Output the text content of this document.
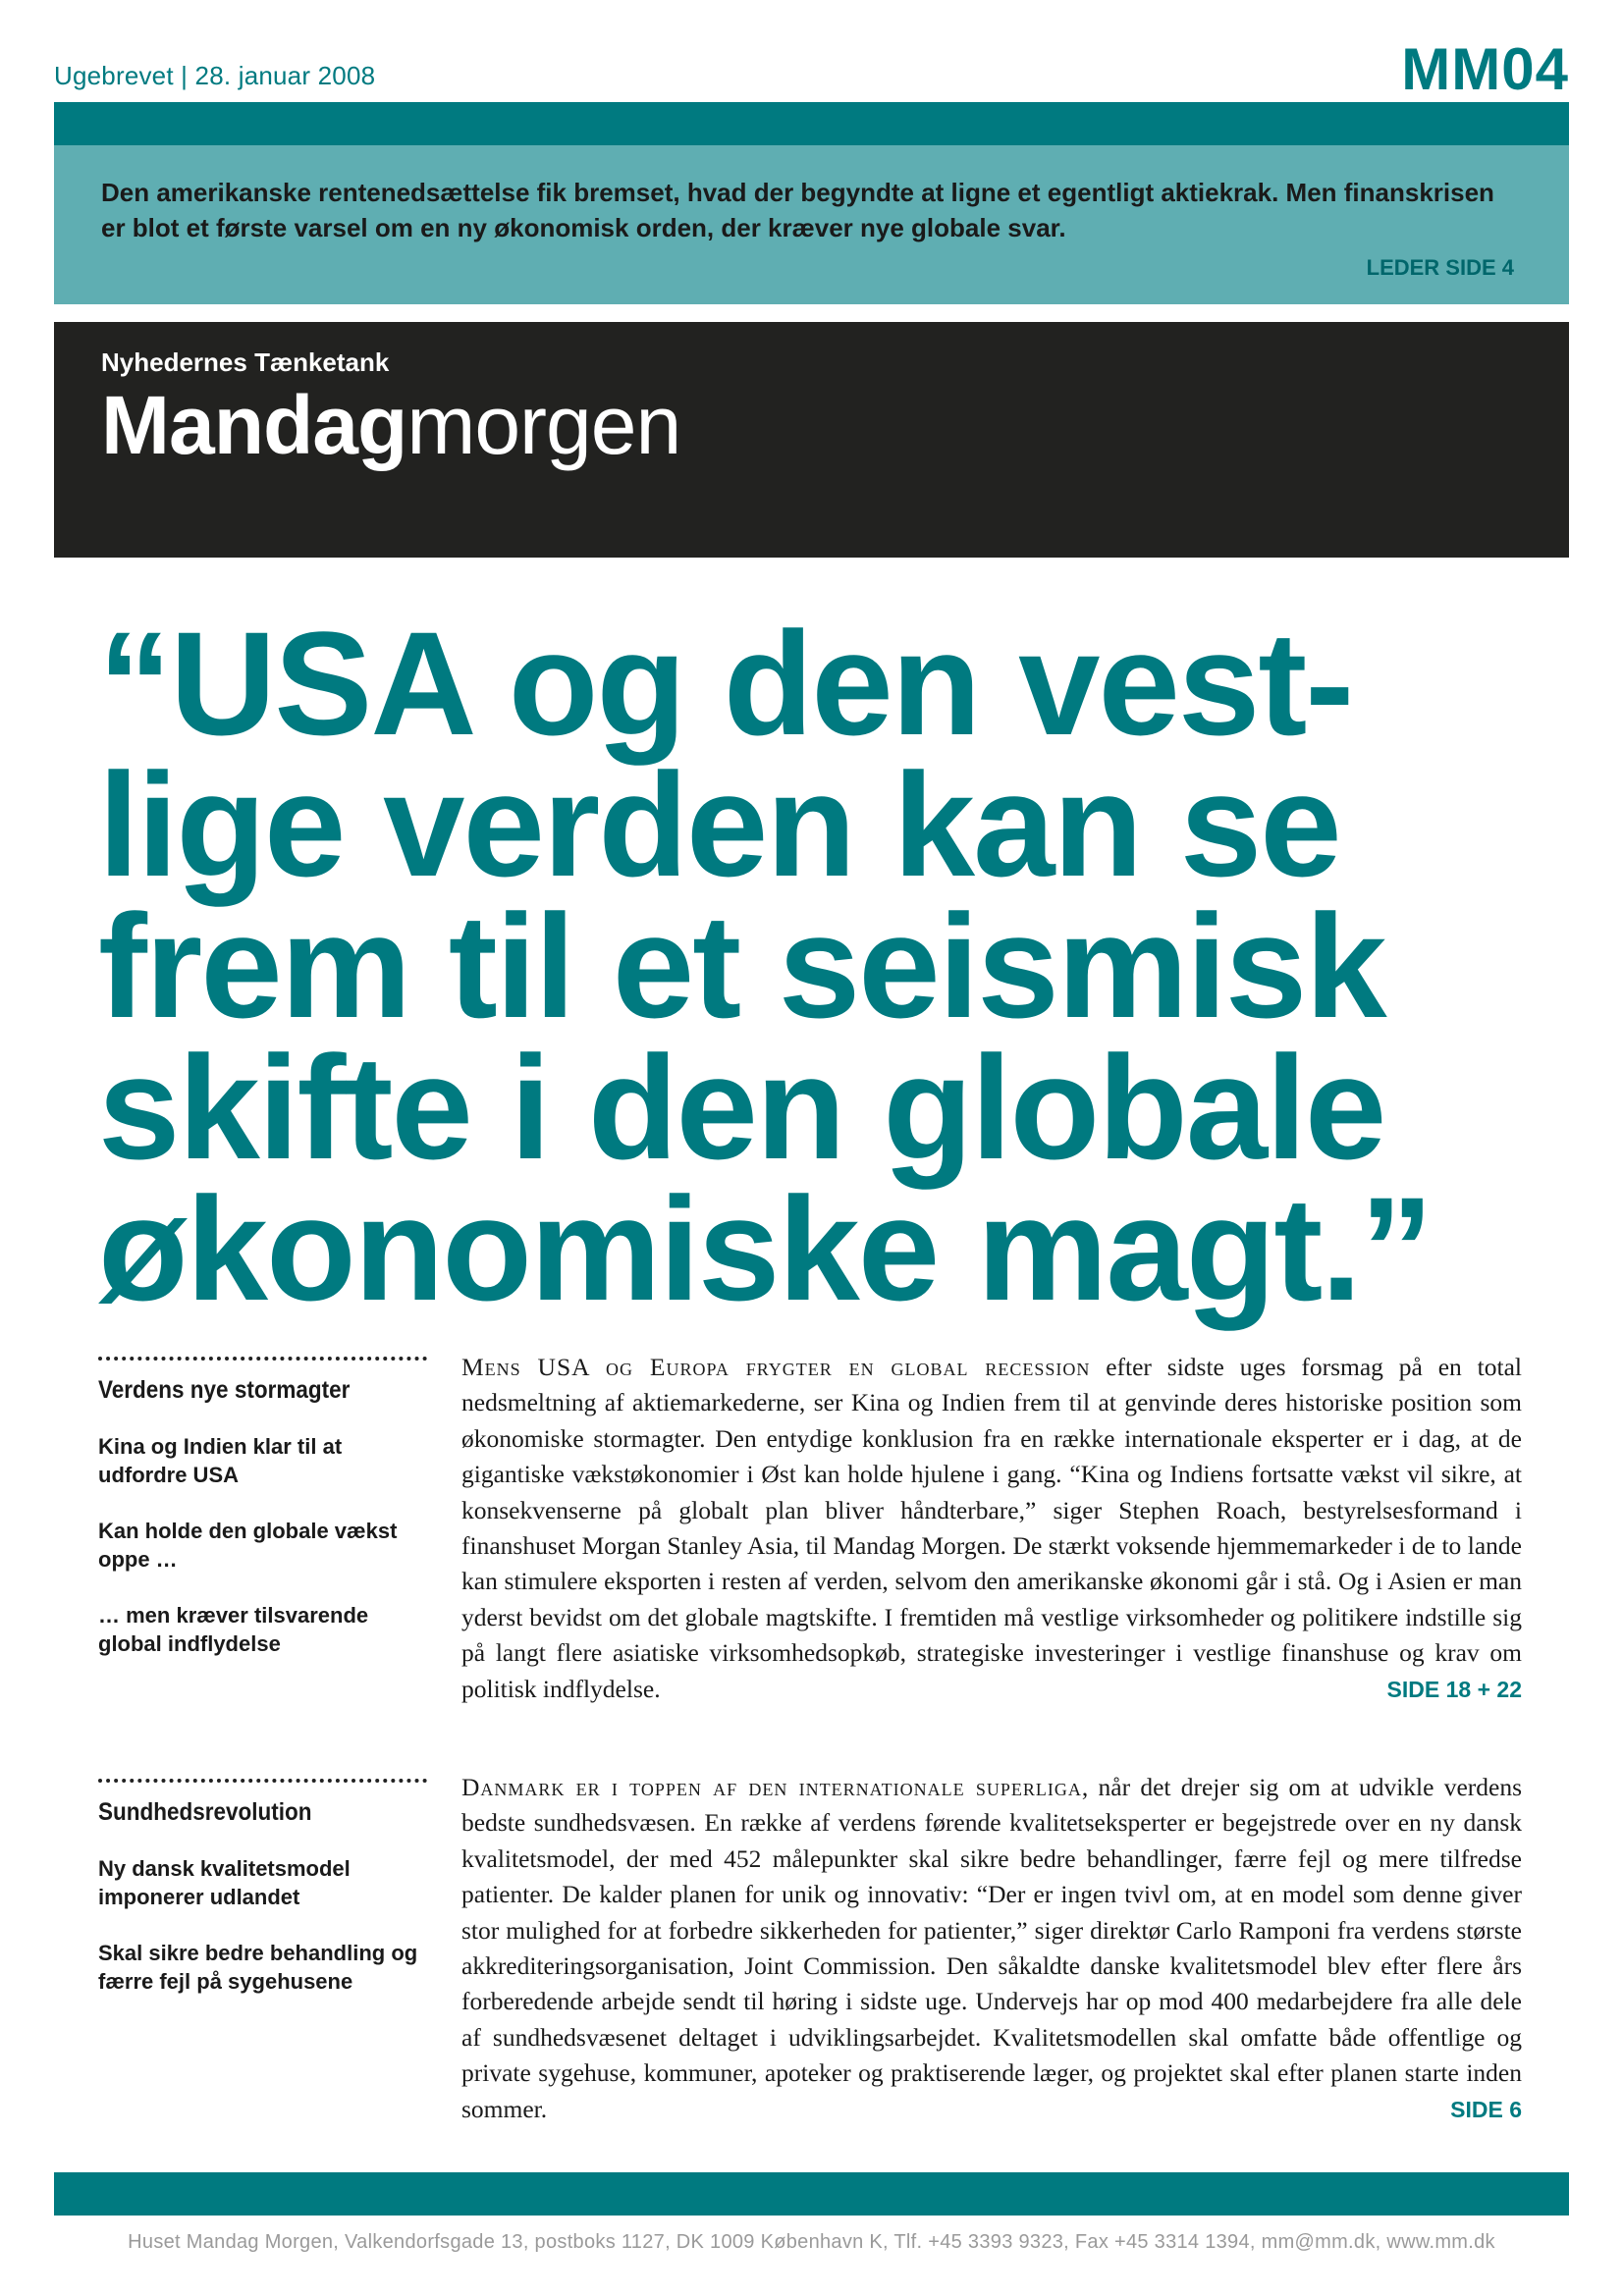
Ugebrevet | 28. januar 2008	MM04
Den amerikanske rentenedsættelse fik bremset, hvad der begyndte at ligne et egentligt aktiekrak. Men finanskrisen er blot et første varsel om en ny økonomisk orden, der kræver nye globale svar.
LEDER SIDE 4
Nyhedernes Tænketank
Mandagmorgen
“USA og den vest-lige verden kan se frem til et seismisk skifte i den globale økonomiske magt.”
Verdens nye stormagter
Kina og Indien klar til at udfordre USA
Kan holde den globale vækst oppe …
… men kræver tilsvarende global indflydelse
Mens USA og Europa frygter en global recession efter sidste uges forsmag på en total nedsmeltning af aktiemarkederne, ser Kina og Indien frem til at genvinde deres historiske position som økonomiske stormagter. Den entydige konklusion fra en række internationale eksperter er i dag, at de gigantiske vækstøkonomier i Øst kan holde hjulene i gang. “Kina og Indiens fortsatte vækst vil sikre, at konsekvenserne på globalt plan bliver håndterbare,” siger Stephen Roach, bestyrelsesformand i finanshuset Morgan Stanley Asia, til Mandag Morgen. De stærkt voksende hjemmemarkeder i de to lande kan stimulere eksporten i resten af verden, selvom den amerikanske økonomi går i stå. Og i Asien er man yderst bevidst om det globale magtskifte. I fremtiden må vestlige virksomheder og politikere indstille sig på langt flere asiatiske virksomhedsopkøb, strategiske investeringer i vestlige finanshuse og krav om politisk indflydelse.	SIDE 18 + 22
Sundhedsrevolution
Ny dansk kvalitetsmodel imponerer udlandet
Skal sikre bedre behandling og færre fejl på sygehusene
Danmark er i toppen af den internationale superliga, når det drejer sig om at udvikle verdens bedste sundhedsvæsen. En række af verdens førende kvalitetseksperter er begejstrede over en ny dansk kvalitetsmodel, der med 452 målepunkter skal sikre bedre behandlinger, færre fejl og mere tilfredse patienter. De kalder planen for unik og innovativ: “Der er ingen tvivl om, at en model som denne giver stor mulighed for at forbedre sikkerheden for patienter,” siger direktør Carlo Ramponi fra verdens største akkrediteringsorganisation, Joint Commission. Den såkaldte danske kvalitetsmodel blev efter flere års forberedende arbejde sendt til høring i sidste uge. Undervejs har op mod 400 medarbejdere fra alle dele af sundhedsvæsenet deltaget i udviklingsarbejdet. Kvalitetsmodellen skal omfatte både offentlige og private sygehuse, kommuner, apoteker og praktiserende læger, og projektet skal efter planen starte inden sommer.	SIDE 6
Huset Mandag Morgen, Valkendorfsgade 13, postboks 1127, DK 1009 København K, Tlf. +45 3393 9323, Fax +45 3314 1394, mm@mm.dk, www.mm.dk
